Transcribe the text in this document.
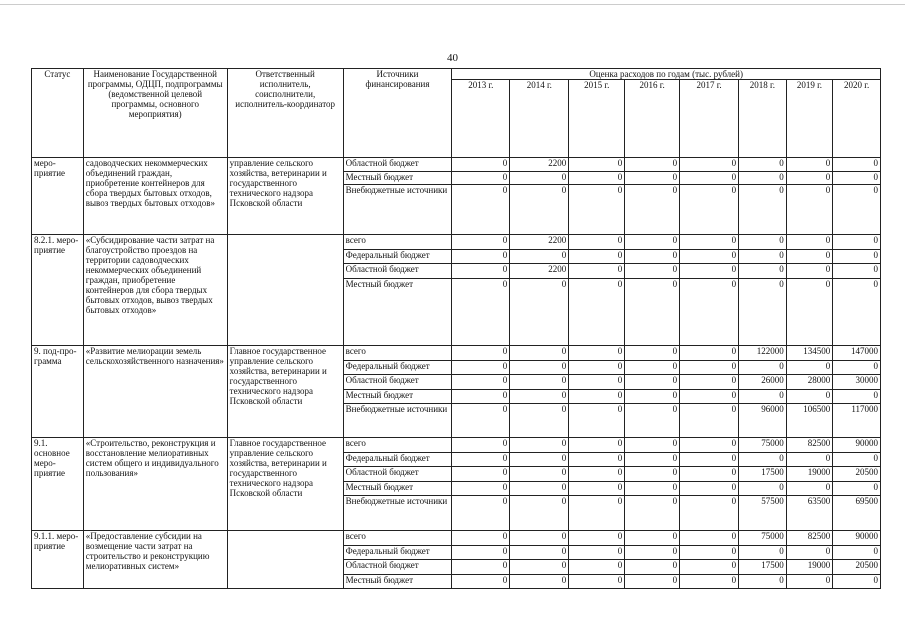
40
Статус	Наименование Государственной программы, ОДЦП, подпрограммы (ведомственной целевой программы, основного мероприятия)	Ответственный исполнитель, соисполнители, исполнитель-координатор	Источники финансирования	Оценка расходов по годам (тыс. рублей)							
				2013 г.	2014 г.	2015 г.	2016 г.	2017 г.	2018 г.	2019 г.	2020 г.
меро-приятие	садоводческих некоммерческих объединений граждан, приобретение контейнеров для сбора твердых бытовых отходов, вывоз твердых бытовых отходов»	управление сельского хозяйства, ветеринарии и государственного технического надзора Псковской области	Областной бюджет	0	2200	0	0	0	0	0	0
			Местный бюджет	0	0	0	0	0	0	0	0
			Внебюджетные источники	0	0	0	0	0	0	0	0
8.2.1. меро-приятие	«Субсидирование части затрат на благоустройство проездов на территории садоводческих некоммерческих объединений граждан, приобретение контейнеров для сбора твердых бытовых отходов, вывоз твердых бытовых отходов»		всего	0	2200	0	0	0	0	0	0
			Федеральный бюджет	0	0	0	0	0	0	0	0
			Областной бюджет	0	2200	0	0	0	0	0	0
			Местный бюджет	0	0	0	0	0	0	0	0
9. под-про-грамма	«Развитие мелиорации земель сельскохозяйственного назначения»	Главное государственное управление сельского хозяйства, ветеринарии и государственного технического надзора Псковской области	всего	0	0	0	0	0	122000	134500	147000
			Федеральный бюджет	0	0	0	0	0	0	0	0
			Областной бюджет	0	0	0	0	0	26000	28000	30000
			Местный бюджет	0	0	0	0	0	0	0	0
			Внебюджетные источники	0	0	0	0	0	96000	106500	117000
9.1. основное меро-приятие	«Строительство, реконструкция и восстановление мелиоративных систем общего и индивидуального пользования»	Главное государственное управление сельского хозяйства, ветеринарии и государственного технического надзора Псковской области	всего	0	0	0	0	0	75000	82500	90000
			Федеральный бюджет	0	0	0	0	0	0	0	0
			Областной бюджет	0	0	0	0	0	17500	19000	20500
			Местный бюджет	0	0	0	0	0	0	0	0
			Внебюджетные источники	0	0	0	0	0	57500	63500	69500
9.1.1. меро-приятие	«Предоставление субсидии на возмещение части затрат на строительство и реконструкцию мелиоративных систем»		всего	0	0	0	0	0	75000	82500	90000
			Федеральный бюджет	0	0	0	0	0	0	0	0
			Областной бюджет	0	0	0	0	0	17500	19000	20500
			Местный бюджет	0	0	0	0	0	0	0	0
